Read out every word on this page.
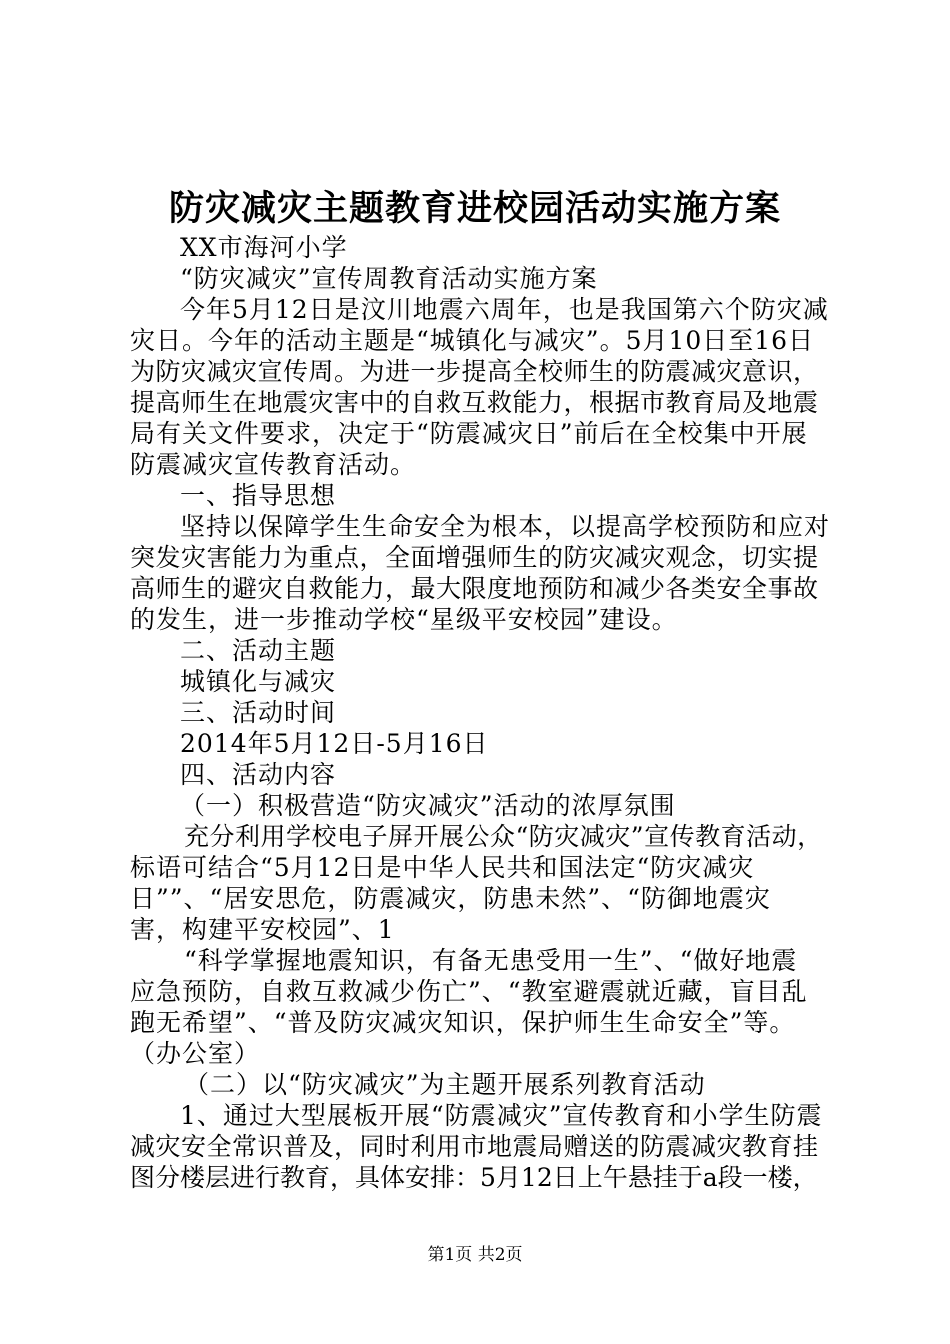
防灾减灾主题教育进校园活动实施方案
XX市海河小学
“防灾减灾”宣传周教育活动实施方案
今年5月12日是汶川地震六周年，也是我国第六个防灾减
灾日。今年的活动主题是“城镇化与减灾”。5月10日至16日
为防灾减灾宣传周。为进一步提高全校师生的防震减灾意识，
提高师生在地震灾害中的自救互救能力，根据市教育局及地震
局有关文件要求，决定于“防震减灾日”前后在全校集中开展
防震减灾宣传教育活动。
一、指导思想
坚持以保障学生生命安全为根本，以提高学校预防和应对
突发灾害能力为重点，全面增强师生的防灾减灾观念，切实提
高师生的避灾自救能力，最大限度地预防和减少各类安全事故
的发生，进一步推动学校“星级平安校园”建设。
二、活动主题
城镇化与减灾
三、活动时间
2014年5月12日-5月16日
四、活动内容
（一）积极营造“防灾减灾”活动的浓厚氛围
充分利用学校电子屏开展公众“防灾减灾”宣传教育活动，
标语可结合“5月12日是中华人民共和国法定“防灾减灾
日””、“居安思危，防震减灾，防患未然”、“防御地震灾
害，构建平安校园”、1
“科学掌握地震知识，有备无患受用一生”、“做好地震
应急预防，自救互救减少伤亡”、“教室避震就近藏，盲目乱
跑无希望”、“普及防灾减灾知识，保护师生生命安全”等。
（办公室）
（二）以“防灾减灾”为主题开展系列教育活动
1、通过大型展板开展“防震减灾”宣传教育和小学生防震
减灾安全常识普及，同时利用市地震局赠送的防震减灾教育挂
图分楼层进行教育，具体安排：5月12日上午悬挂于a段一楼，
第1页 共2页
